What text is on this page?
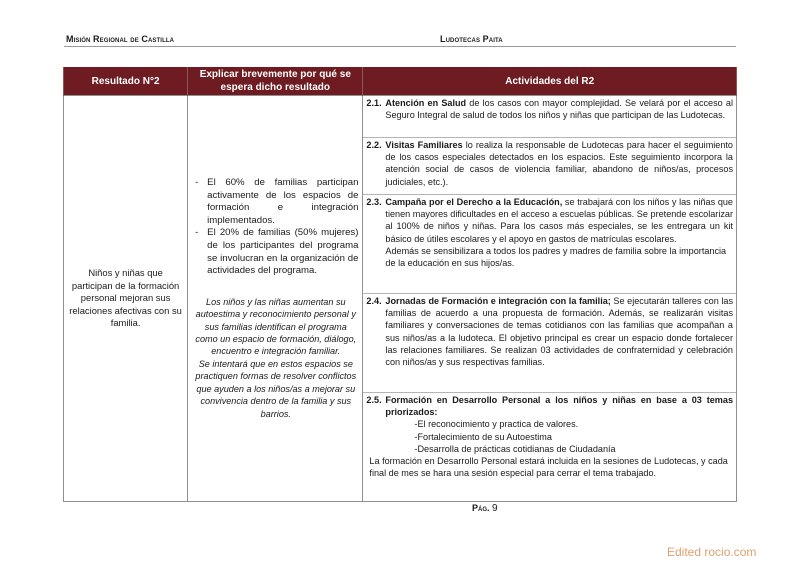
Misión Regional de Castilla	Ludotecas Paita
Resultado N°2	Explicar brevemente por qué se espera dicho resultado	Actividades del R2

Niños y niñas que participan de la formación personal mejoran sus relaciones afectivas con su familia.

- El 60% de familias participan activamente de los espacios de formación e integración implementados.
- El 20% de familias (50% mujeres) de los participantes del programa se involucran en la organización de actividades del programa.
Los niños y las niñas aumentan su autoestima y reconocimiento personal y sus familias identifican el programa como un espacio de formación, diálogo, encuentro e integración familiar.
Se intentará que en estos espacios se practiquen formas de resolver conflictos que ayuden a los niños/as a mejorar su convivencia dentro de la familia y sus barrios.

2.1. Atención en Salud de los casos con mayor complejidad. Se velará por el acceso al Seguro Integral de salud de todos los niños y niñas que participan de las Ludotecas.
2.2. Visitas Familiares lo realiza la responsable de Ludotecas para hacer el seguimiento de los casos especiales detectados en los espacios. Este seguimiento incorpora la atención social de casos de violencia familiar, abandono de niños/as, procesos judiciales, etc.).
2.3. Campaña por el Derecho a la Educación, se trabajará con los niños y las niñas que tienen mayores dificultades en el acceso a escuelas públicas. Se pretende escolarizar al 100% de niños y niñas. Para los casos más especiales, se les entregara un kit básico de útiles escolares y el apoyo en gastos de matrículas escolares.
Además se sensibilizara a todos los padres y madres de familia sobre la importancia de la educación en sus hijos/as.
2.4. Jornadas de Formación e integración con la familia; Se ejecutarán talleres con las familias de acuerdo a una propuesta de formación. Además, se realizarán visitas familiares y conversaciones de temas cotidianos con las familias que acompañan a sus niños/as a la ludoteca. El objetivo principal es crear un espacio donde fortalecer las relaciones familiares. Se realizan 03 actividades de confraternidad y celebración con niños/as y sus respectivas familias.
2.5. Formación en Desarrollo Personal a los niños y niñas en base a 03 temas priorizados:
-El reconocimiento y practica de valores.
-Fortalecimiento de su Autoestima
-Desarrolla de prácticas cotidianas de Ciudadanía
La formación en Desarrollo Personal estará incluida en la sesiones de Ludotecas, y cada final de mes se hara una sesión especial para cerrar el tema trabajado.
Pág. 9
Edited rocio.com
